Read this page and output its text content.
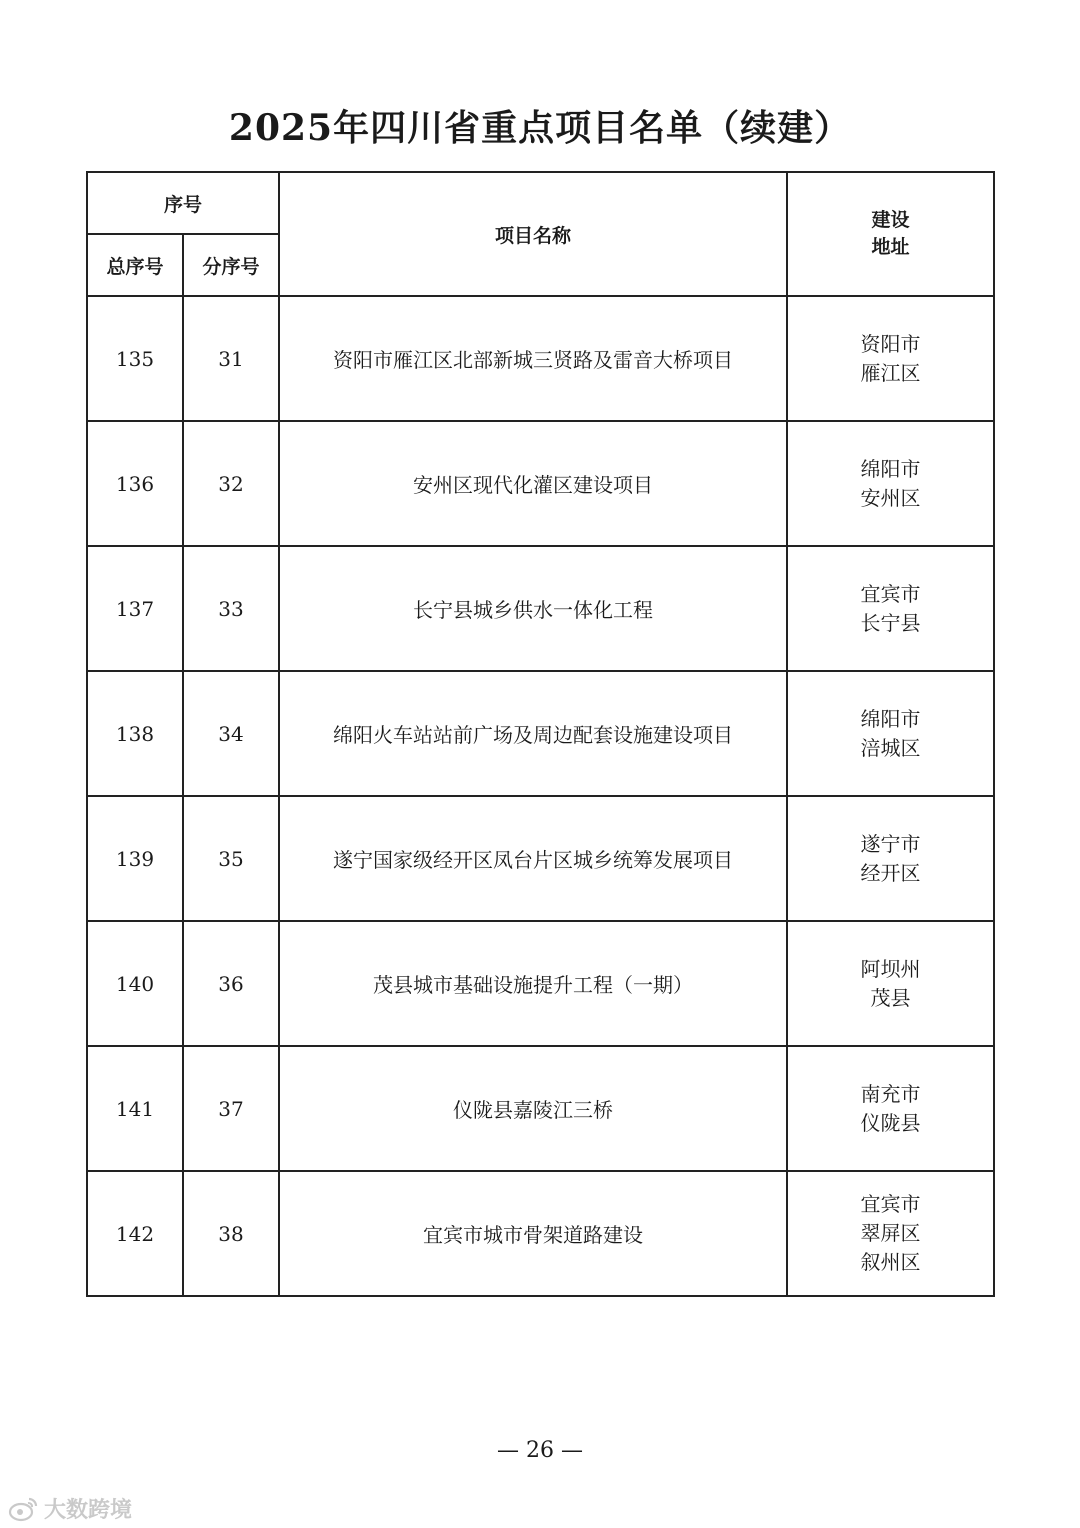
2025年四川省重点项目名单（续建）
序号		项目名称	建设
地址

总序号	分序号		
135	31	资阳市雁江区北部新城三贤路及雷音大桥项目	资阳市
雁江区

136	32	安州区现代化灌区建设项目	绵阳市
安州区

137	33	长宁县城乡供水一体化工程	宜宾市
长宁县

138	34	绵阳火车站站前广场及周边配套设施建设项目	绵阳市
涪城区

139	35	遂宁国家级经开区凤台片区城乡统筹发展项目	遂宁市
经开区

140	36	茂县城市基础设施提升工程（一期）	阿坝州
茂县

141	37	仪陇县嘉陵江三桥	南充市
仪陇县

142	38	宜宾市城市骨架道路建设	宜宾市
翠屏区
叙州区
— 26 —
大数跨境
